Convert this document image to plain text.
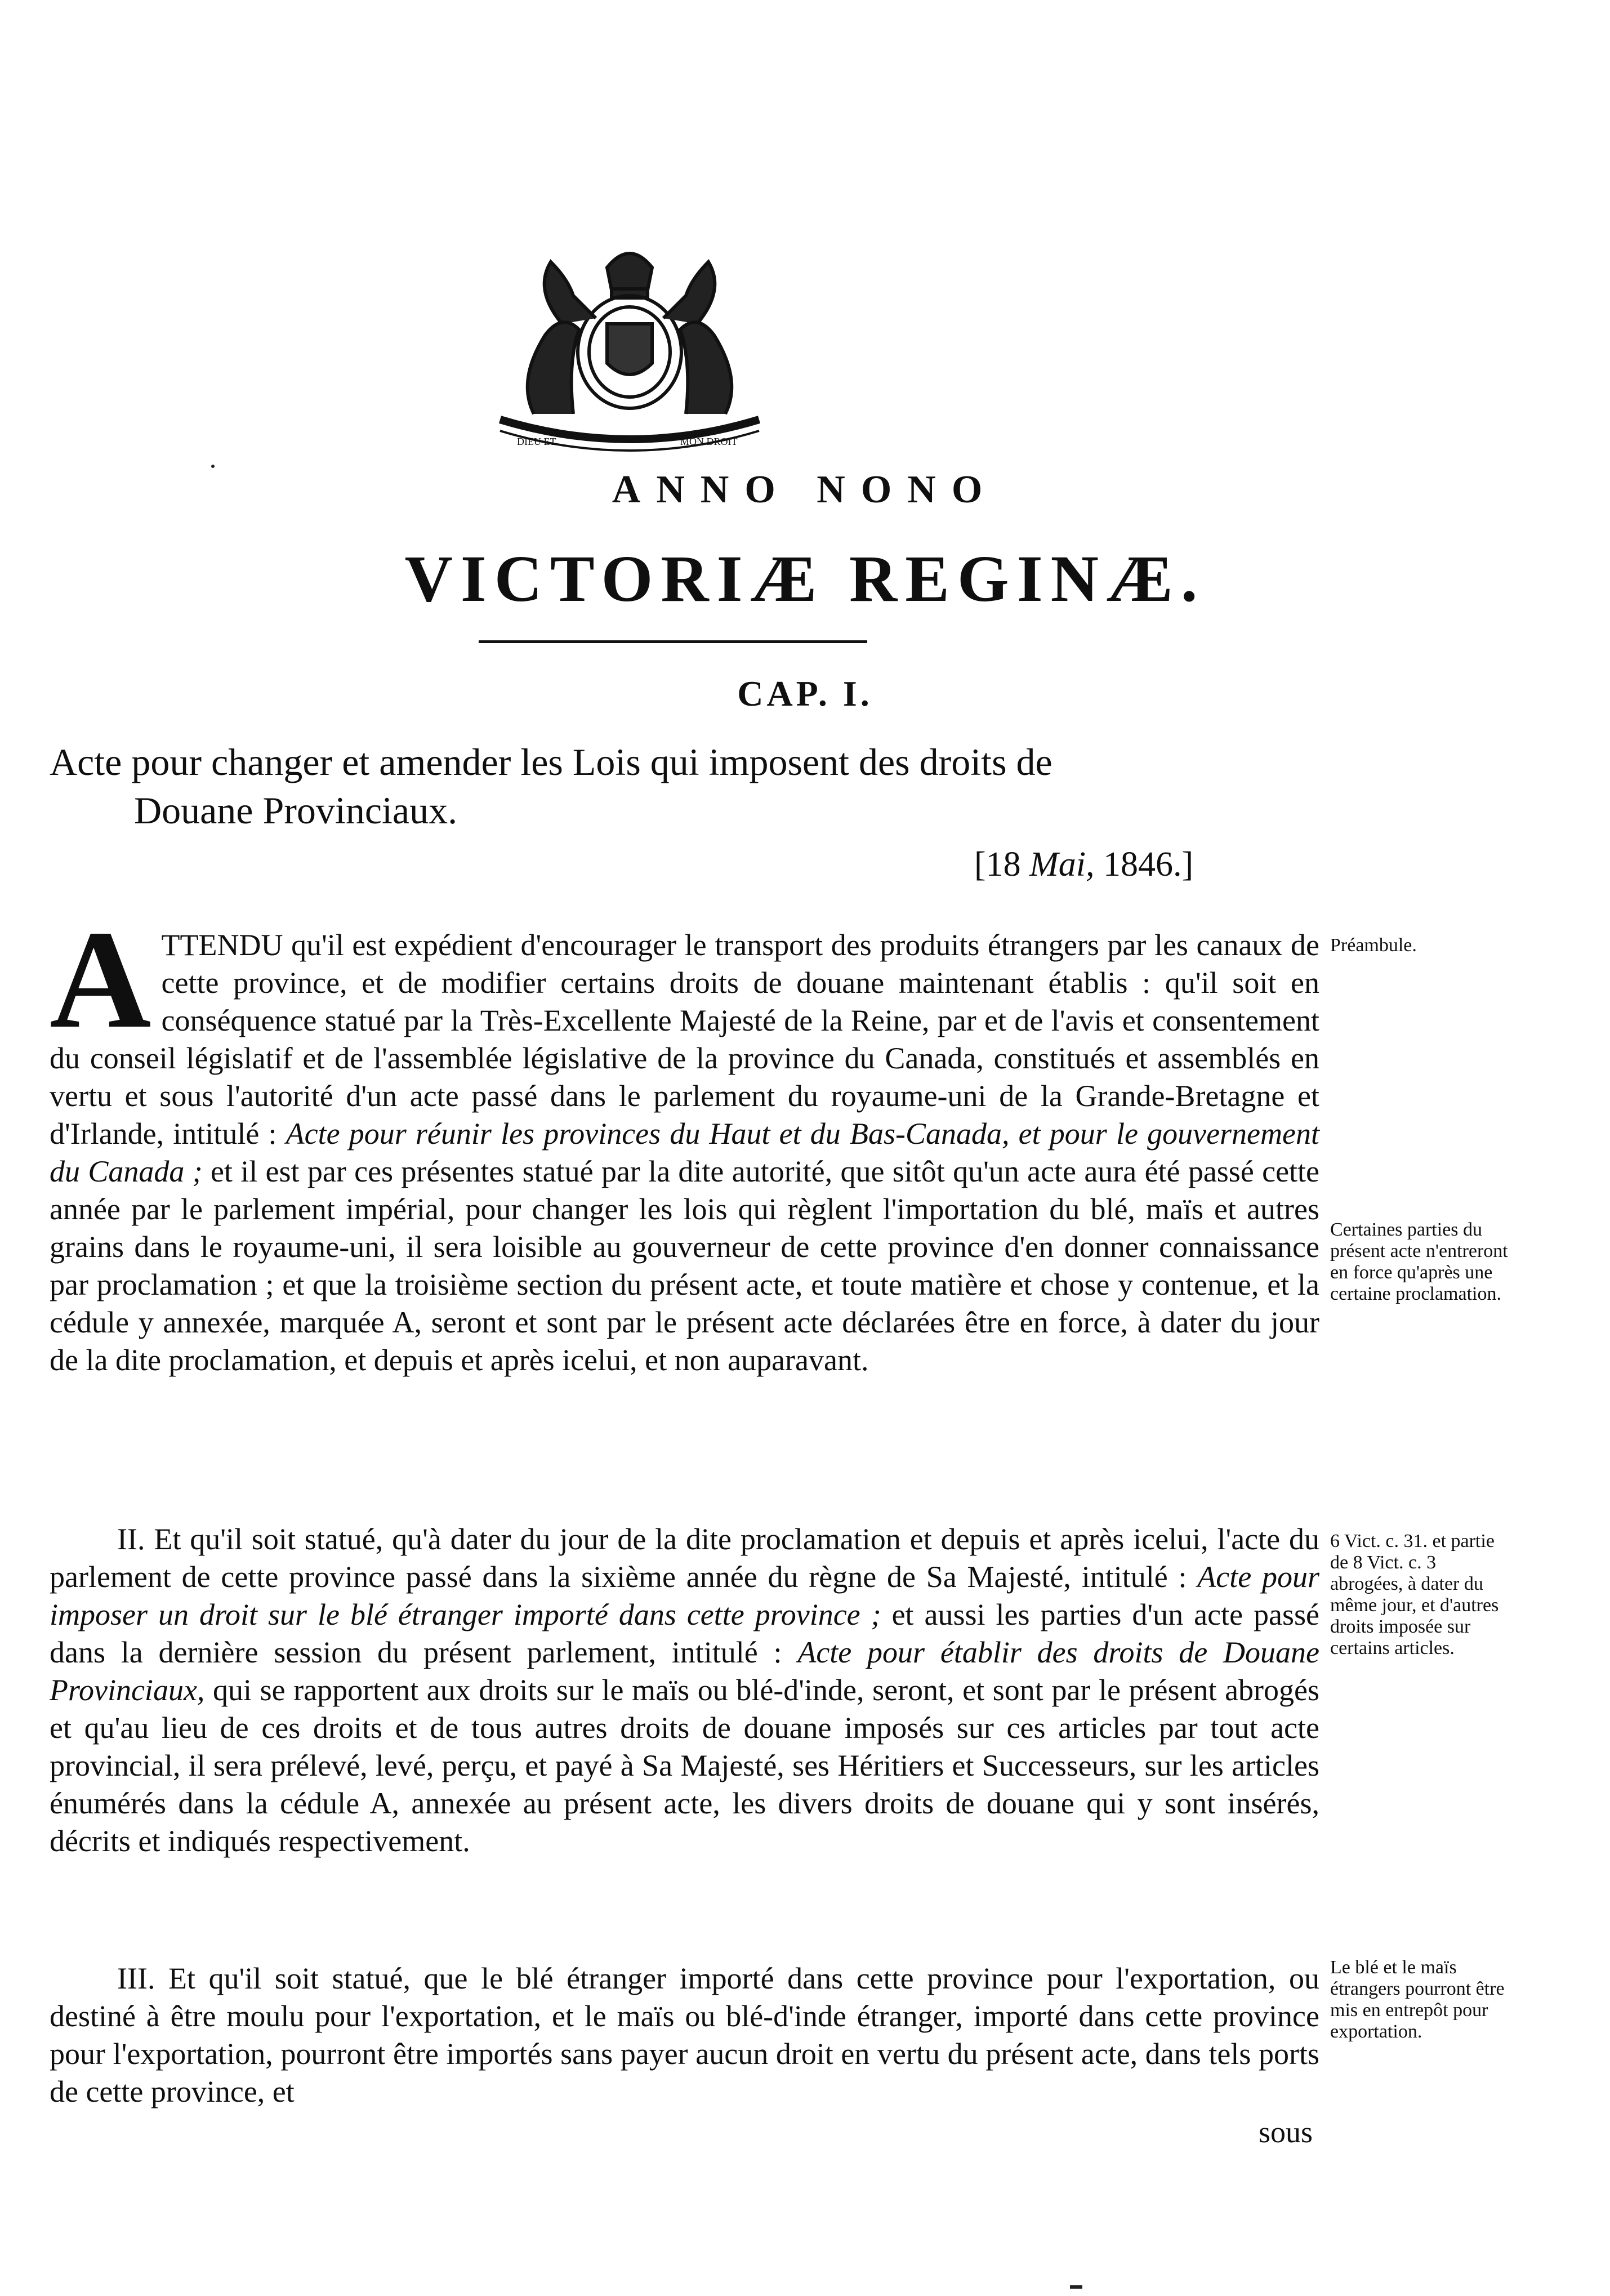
DIEU ET	MON DROIT
ANNO NONO
VICTORIÆ REGINÆ.
CAP. I.

Acte pour changer et amender les Lois qui imposent des droits de
Douane Provinciaux.

[18 Mai, 1846.]

ATTENDU qu'il est expédient d'encourager le transport des produits étrangers par les canaux de cette province, et de modifier certains droits de douane maintenant établis : qu'il soit en conséquence statué par la Très-Excellente Majesté de la Reine, par et de l'avis et consentement du conseil législatif et de l'assemblée législative de la province du Canada, constitués et assemblés en vertu et sous l'autorité d'un acte passé dans le parlement du royaume-uni de la Grande-Bretagne et d'Irlande, intitulé : Acte pour réunir les provinces du Haut et du Bas-Canada, et pour le gouvernement du Canada ; et il est par ces présentes statué par la dite autorité, que sitôt qu'un acte aura été passé cette année par le parlement impérial, pour changer les lois qui règlent l'importation du blé, maïs et autres grains dans le royaume-uni, il sera loisible au gouverneur de cette province d'en donner connaissance par proclamation ; et que la troisième section du présent acte, et toute matière et chose y contenue, et la cédule y annexée, marquée A, seront et sont par le présent acte déclarées être en force, à dater du jour de la dite proclamation, et depuis et après icelui, et non auparavant.

II. Et qu'il soit statué, qu'à dater du jour de la dite proclamation et depuis et après icelui, l'acte du parlement de cette province passé dans la sixième année du règne de Sa Majesté, intitulé : Acte pour imposer un droit sur le blé étranger importé dans cette province ; et aussi les parties d'un acte passé dans la dernière session du présent parlement, intitulé : Acte pour établir des droits de Douane Provinciaux, qui se rapportent aux droits sur le maïs ou blé-d'inde, seront, et sont par le présent abrogés et qu'au lieu de ces droits et de tous autres droits de douane imposés sur ces articles par tout acte provincial, il sera prélevé, levé, perçu, et payé à Sa Majesté, ses Héritiers et Successeurs, sur les articles énumérés dans la cédule A, annexée au présent acte, les divers droits de douane qui y sont insérés, décrits et indiqués respectivement.

III. Et qu'il soit statué, que le blé étranger importé dans cette province pour l'exportation, ou destiné à être moulu pour l'exportation, et le maïs ou blé-d'inde étranger, importé dans cette province pour l'exportation, pourront être importés sans payer aucun droit en vertu du présent acte, dans tels ports de cette province, et

sous

Préambule.

Certaines parties du présent acte n'entreront en force qu'après une certaine proclamation.

6 Vict. c. 31. et partie de 8 Vict. c. 3 abrogées, à dater du même jour, et d'autres droits imposée sur certains articles.

Le blé et le maïs étrangers pourront être mis en entrepôt pour exportation.
